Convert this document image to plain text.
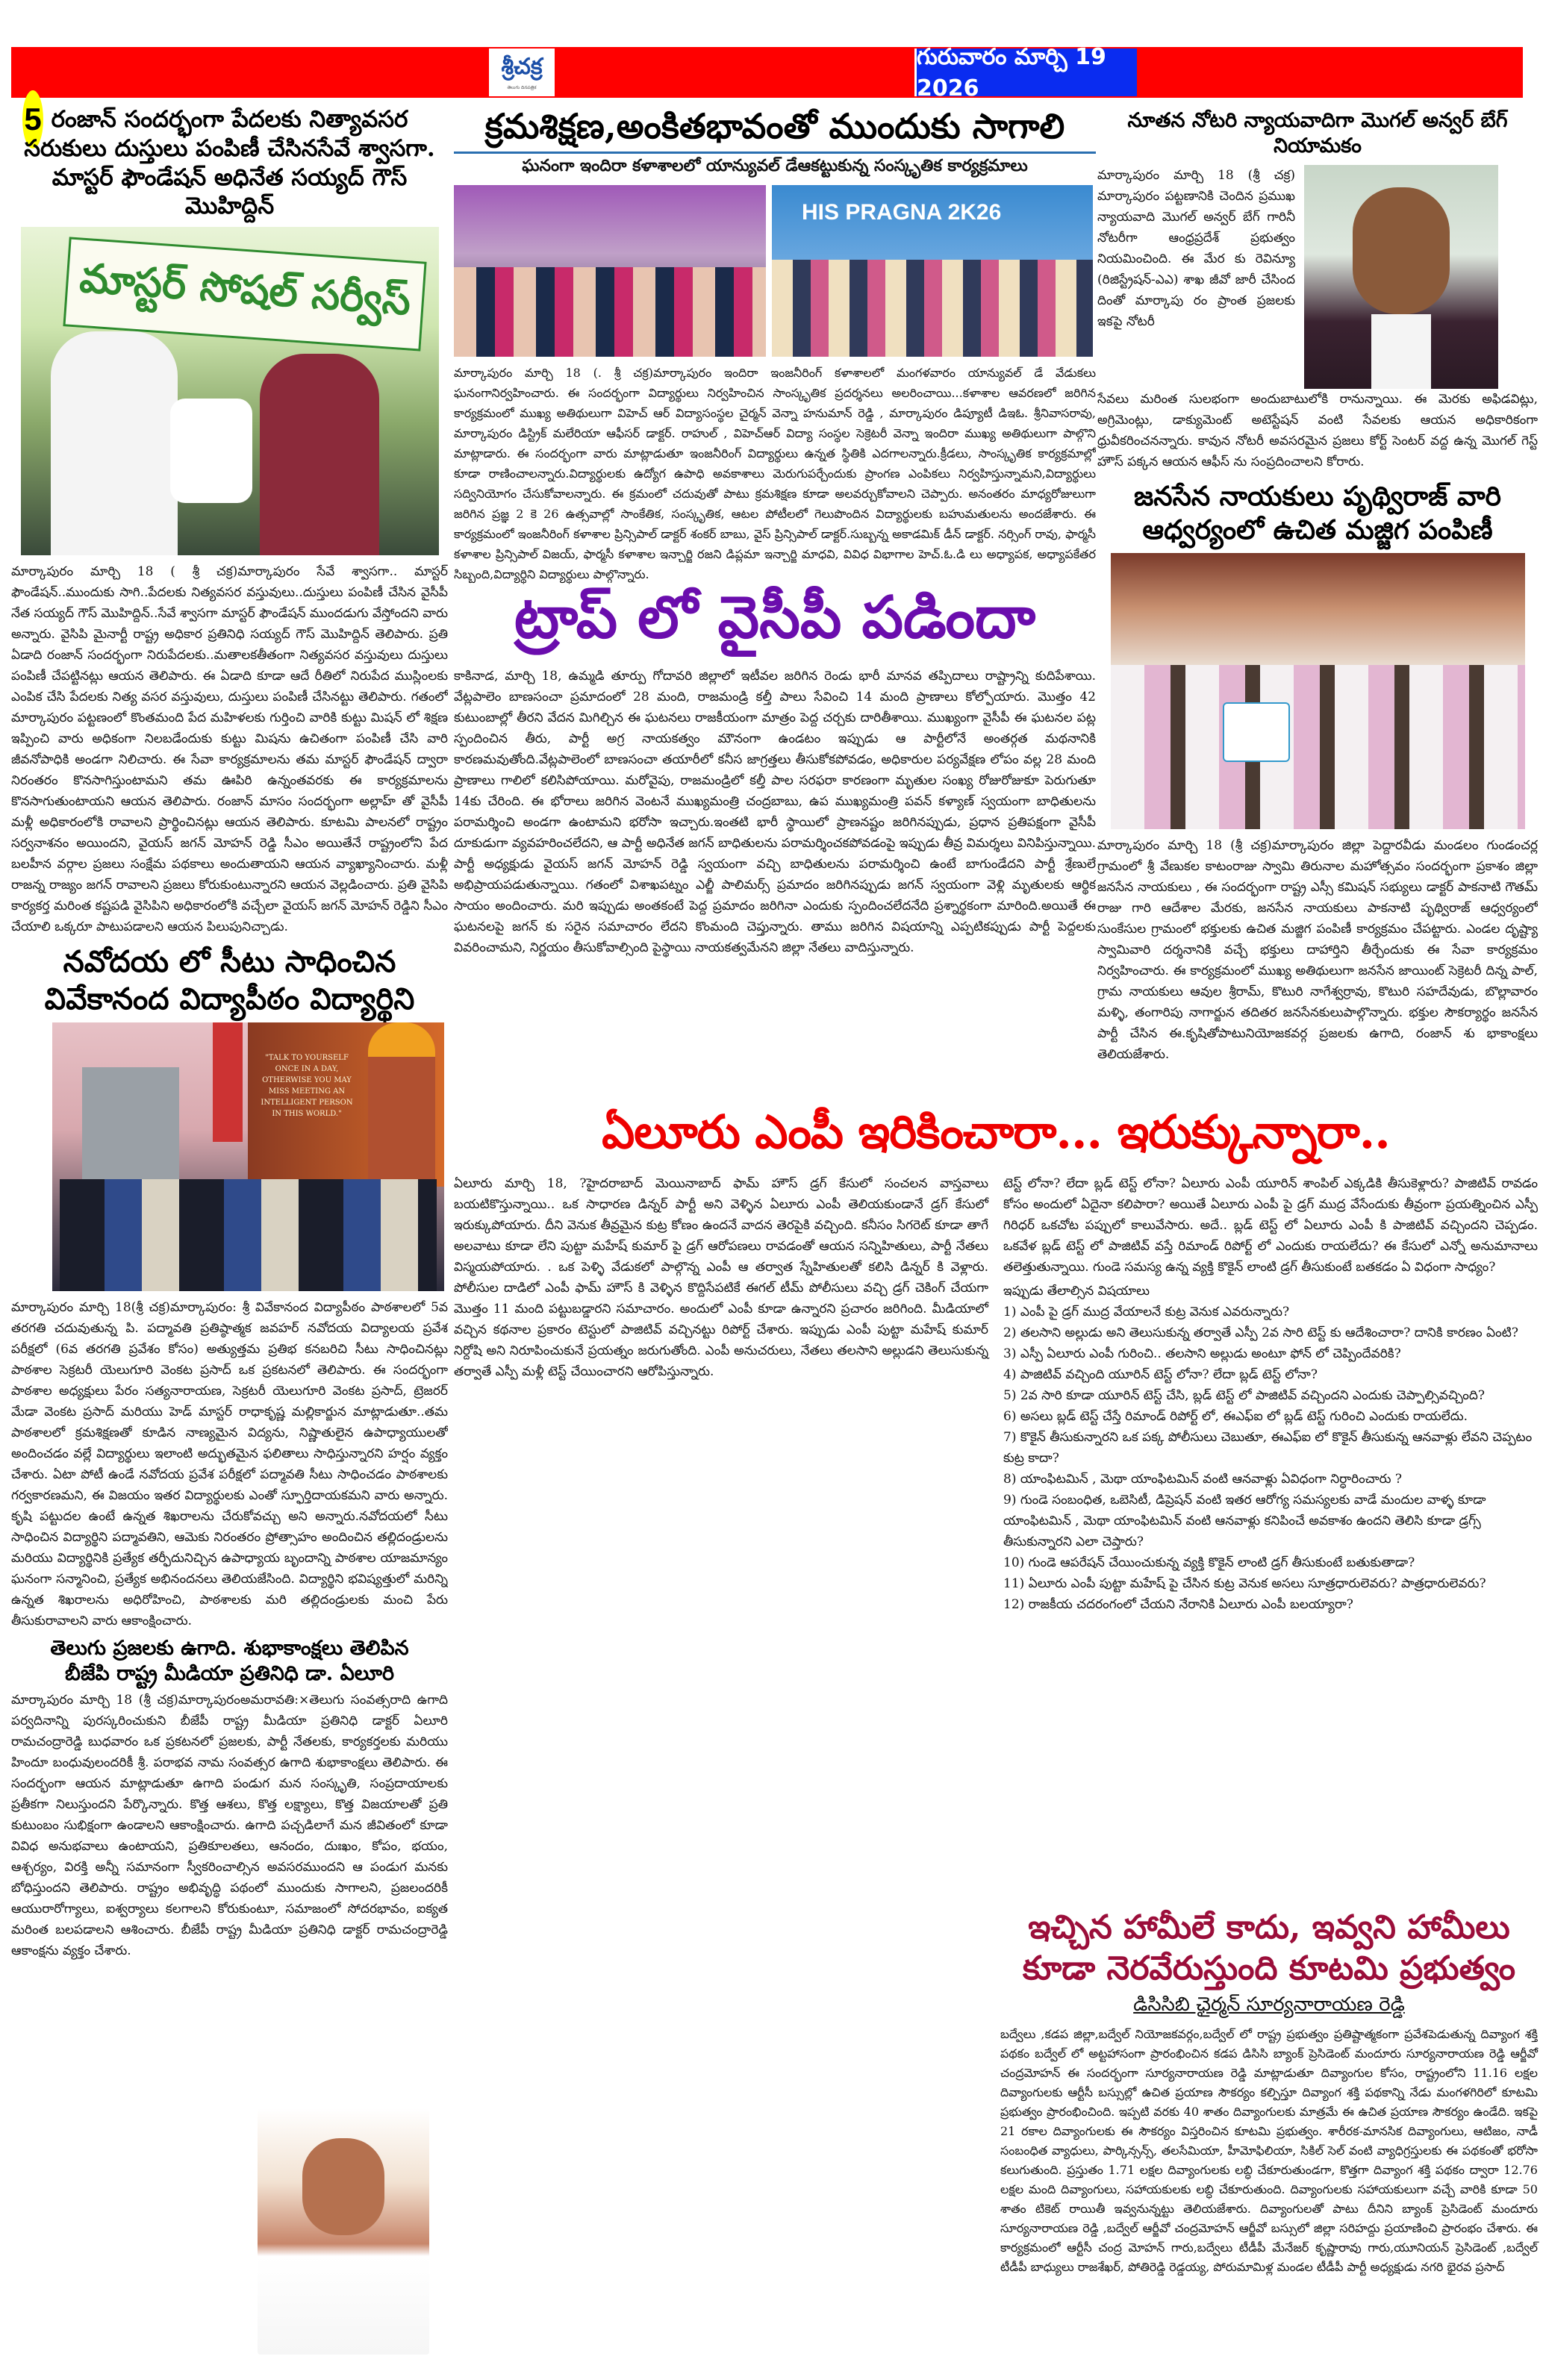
5
శ్రీచక్ర
తెలుగు దినపత్రిక
గురువారం మార్చి 19 2026
రంజాన్ సందర్భంగా పేదలకు నిత్యావసర సరుకులు దుస్తులు పంపిణీ చేసినసేవే శ్వాసగా. మాస్టర్ ఫౌండేషన్ అధినేత సయ్యద్ గౌస్ మొహిద్దిన్
మాస్టర్ సోషల్ సర్వీస్

మార్కాపురం మార్చి 18 ( శ్రీ చక్ర)మార్కాపురం సేవే శ్వాసగా.. మాస్టర్ ఫౌండేషన్..ముందుకు సాగి..పేదలకు నిత్యవసర వస్తువులు..దుస్తులు పంపిణీ చేసిన వైసీపీ నేత సయ్యద్ గౌస్ మొహిద్దిన్..సేవే శ్వాసగా మాస్టర్ ఫౌండేషన్ ముందడుగు వేస్తోందని వారు అన్నారు. వైసిపి మైనార్టీ రాష్ట్ర అధికార ప్రతినిధి సయ్యద్ గౌస్ మొహిద్దిన్ తెలిపారు. ప్రతి ఏడాది రంజాన్ సందర్భంగా నిరుపేదలకు..మతాలకతీతంగా నిత్యవసర వస్తువులు దుస్తులు పంపిణీ చేపట్టినట్లు ఆయన తెలిపారు. ఈ ఏడాది కూడా ఆదే రీతిలో నిరుపేద ముస్లింలకు ఎంపిక చేసి పేదలకు నిత్య వసర వస్తువులు, దుస్తులు పంపిణీ చేసినట్టు తెలిపారు. గతంలో మార్కాపురం పట్టణంలో కొంతమంది పేద మహిళలకు గుర్తించి వారికి కుట్టు మిషన్ లో శిక్షణ ఇప్పించి వారు అధికంగా నిలబడేందుకు కుట్టు మిషను ఉచితంగా పంపిణీ చేసి వారి జీవనోపాధికి అండగా నిలిచారు. ఈ సేవా కార్యక్రమాలను తమ మాస్టర్ ఫౌండేషన్ ద్వారా నిరంతరం కొనసాగిస్తుంటామని తమ ఊపిరి ఉన్నంతవరకు ఈ కార్యక్రమాలను కొనసాగుతుంటాయని ఆయన తెలిపారు. రంజాన్ మాసం సందర్భంగా అల్లాహ్ తో వైసీపీ మళ్లీ అధికారంలోకి రావాలని ప్రార్థించినట్లు ఆయన తెలిపారు. కూటమి పాలనలో రాష్ట్రం సర్వనాశనం అయిందని, వైయస్ జగన్ మోహన్ రెడ్డి సీఎం అయితేనే రాష్ట్రంలోని పేద బలహీన వర్గాల ప్రజలు సంక్షేమ పథకాలు అందుతాయని ఆయన వ్యాఖ్యానించారు. మళ్లీ రాజన్న రాజ్యం జగన్ రావాలని ప్రజలు కోరుకుంటున్నారని ఆయన వెల్లడించారు. ప్రతి వైసిపి కార్యకర్త మరింత కష్టపడి వైసిపిని అధికారంలోకి వచ్చేలా వైయస్ జగన్ మోహన్ రెడ్డిని సీఎం చేయాలి ఒక్కరూ పాటుపడాలని ఆయన పిలుపునిచ్చాడు.

నవోదయ లో సీటు సాధించిన
వివేకానంద విద్యాపీఠం విద్యార్థిని
"TALK TO YOURSELF ONCE IN A DAY, OTHERWISE YOU MAY MISS MEETING AN INTELLIGENT PERSON IN THIS WORLD."

మార్కాపురం మార్చి 18(శ్రీ చక్ర)మార్కాపురం: శ్రీ వివేకానంద విద్యాపీఠం పాఠశాలలో 5వ తరగతి చదువుతున్న పి. పద్మావతి ప్రతిష్ఠాత్మక జవహర్ నవోదయ విద్యాలయ ప్రవేశ పరీక్షలో (6వ తరగతి ప్రవేశం కోసం) అత్యుత్తమ ప్రతిభ కనబరిచి సీటు సాధించినట్లు పాఠశాల సెక్రటరీ యెలుగూరి వెంకట ప్రసాద్ ఒక ప్రకటనలో తెలిపారు. ఈ సందర్భంగా పాఠశాల అధ్యక్షులు పేరం సత్యనారాయణ, సెక్రటరీ యెలుగూరి వెంకట ప్రసాద్, ట్రెజరర్ మేడా వెంకట ప్రసాద్ మరియు హెడ్ మాస్టర్ రాధాకృష్ణ మల్లికార్జున మాట్లాడుతూ..తమ పాఠశాలలో క్రమశిక్షణతో కూడిన నాణ్యమైన విద్యను, నిష్ణాతులైన ఉపాధ్యాయులతో అందించడం వల్లే విద్యార్థులు ఇలాంటి అద్భుతమైన ఫలితాలు సాధిస్తున్నారని హర్షం వ్యక్తం చేశారు. ఏటా పోటీ ఉండే నవోదయ ప్రవేశ పరీక్షలో పద్మావతి సీటు సాధించడం పాఠశాలకు గర్వకారణమని, ఈ విజయం ఇతర విద్యార్థులకు ఎంతో స్ఫూర్తిదాయకమని వారు అన్నారు. కృషి పట్టుదల ఉంటే ఉన్నత శిఖరాలను చేరుకోవచ్చు అని అన్నారు.నవోదయలో సీటు సాధించిన విద్యార్థిని పద్మావతిని, ఆమెకు నిరంతరం ప్రోత్సాహం అందించిన తల్లిదండ్రులను మరియు విద్యార్థినికి ప్రత్యేక తర్ఫీదునిచ్చిన ఉపాధ్యాయ బృందాన్ని పాఠశాల యాజమాన్యం ఘనంగా సన్మానించి, ప్రత్యేక అభినందనలు తెలియజేసింది. విద్యార్థిని భవిష్యత్తులో మరిన్ని ఉన్నత శిఖరాలను అధిరోహించి, పాఠశాలకు మరి తల్లిదండ్రులకు మంచి పేరు తీసుకురావాలని వారు ఆకాంక్షించారు.

తెలుగు ప్రజలకు ఉగాది. శుభాకాంక్షలు తెలిపిన
బీజేపి రాష్ట్ర మీడియా ప్రతినిధి డా. ఏలూరి

మార్కాపురం మార్చి 18 (శ్రీ చక్ర)మార్కాపురంఅమరావతి:×తెలుగు సంవత్సరాది ఉగాది పర్వదినాన్ని పురస్కరించుకుని బీజేపీ రాష్ట్ర మీడియా ప్రతినిధి డాక్టర్ ఏలూరి రామచంద్రారెడ్డి బుధవారం ఒక ప్రకటనలో ప్రజలకు, పార్టీ నేతలకు, కార్యకర్తలకు మరియు హిందూ బంధువులందరికీ శ్రీ. పరాభవ నామ సంవత్సర ఉగాది శుభాకాంక్షలు తెలిపారు. ఈ సందర్భంగా ఆయన మాట్లాడుతూ ఉగాది పండుగ మన సంస్కృతి, సంప్రదాయాలకు ప్రతీకగా నిలుస్తుందని పేర్కొన్నారు. కొత్త ఆశలు, కొత్త లక్ష్యాలు, కొత్త విజయాలతో ప్రతి కుటుంబం సుభిక్షంగా ఉండాలని ఆకాంక్షించారు. ఉగాది పచ్చడిలాగే మన జీవితంలో కూడా వివిధ అనుభవాలు ఉంటాయని, ప్రతికూలతలు, ఆనందం, దుఃఖం, కోపం, భయం, ఆశ్చర్యం, విరక్తి అన్నీ సమానంగా స్వీకరించాల్సిన అవసరముందని ఆ పండుగ మనకు బోధిస్తుందని తెలిపారు. రాష్ట్రం అభివృద్ధి పథంలో ముందుకు సాగాలని, ప్రజలందరికీ ఆయురారోగ్యాలు, ఐశ్వర్యాలు కలగాలని కోరుకుంటూ, సమాజంలో సోదరభావం, ఐక్యత మరింత బలపడాలని ఆశించారు. బీజేపీ రాష్ట్ర మీడియా ప్రతినిధి డాక్టర్ రామచంద్రారెడ్డి ఆకాంక్షను వ్యక్తం చేశారు.

క్రమశిక్షణ,అంకితభావంతో ముందుకు సాగాలి
ఘనంగా ఇందిరా కళాశాలలో యాన్యువల్ డేఆకట్టుకున్న సంస్కృతిక కార్యక్రమాలు
HIS PRAGNA 2K26

మార్కాపురం మార్చి 18 (. శ్రీ చక్ర)మార్కాపురం ఇందిరా ఇంజనీరింగ్ కళాశాలలో మంగళవారం యాన్యువల్ డే వేడుకలు ఘనంగానిర్వహించారు. ఈ సందర్భంగా విద్యార్థులు నిర్వహించిన సాంస్కృతిక ప్రదర్శనలు అలరించాయి...కళాశాల ఆవరణలో జరిగిన కార్యక్రమంలో ముఖ్య అతిథులుగా విహెచ్ ఆర్ విద్యాసంస్థల చైర్మన్ వెన్నా హనుమాన్ రెడ్డి , మార్కాపురం డిప్యూటీ డిఇఓ. శ్రీనివాసరావు, మార్కాపురం డిస్ట్రిక్ మలేరియా ఆఫీసర్ డాక్టర్. రాహుల్ , విహెచ్ఆర్ విద్యా సంస్థల సెక్రెటరీ వెన్నా ఇందిరా ముఖ్య అతిథులుగా పాల్గొని మాట్లాడారు. ఈ సందర్భంగా వారు మాట్లాడుతూ ఇంజనీరింగ్ విద్యార్థులు ఉన్నత స్థితికి ఎదగాలన్నారు.క్రీడలు, సాంస్కృతిక కార్యక్రమాల్లో కూడా రాణించాలన్నారు.విద్యార్థులకు ఉద్యోగ ఉపాధి అవకాశాలు మెరుగుపర్చేందుకు ప్రాంగణ ఎంపికలు నిర్వహిస్తున్నామని,విద్యార్థులు సద్వినియోగం చేసుకోవాలన్నారు. ఈ క్రమంలో చదువుతో పాటు క్రమశిక్షణ కూడా అలవర్చుకోవాలని చెప్పారు. అనంతరం మాధ్యరోజులుగా జరిగిన ప్రజ్ఞ 2 కె 26 ఉత్సవాల్లో సాంకేతిక, సంస్కృతిక, ఆటల పోటీలలో గెలుపొందిన విద్యార్థులకు బహుమతులను అందజేశారు. ఈ కార్యక్రమంలో ఇంజనీరింగ్ కళాశాల ప్రిన్సిపాల్ డాక్టర్ శంకర్ బాబు, వైస్ ప్రిన్సిపాల్ డాక్టర్.సుబ్బన్న అకాడమిక్ డీన్ డాక్టర్. నర్సింగ్ రావు, ఫార్మసీ కళాశాల ప్రిన్సిపాల్ విజయ్, ఫార్మసీ కళాశాల ఇన్చార్జి రజని డిప్లమా ఇన్చార్జి మాధవి, వివిధ విభాగాల హెచ్.ఓ.డి లు అధ్యాపక, అధ్యాపకేతర సిబ్బంది,విద్యార్థిని విద్యార్థులు పాల్గొన్నారు.

ట్రాప్ లో వైసీపీ పడిందా

కాకినాడ, మార్చి 18, ఉమ్మడి తూర్పు గోదావరి జిల్లాలో ఇటీవల జరిగిన రెండు భారీ మానవ తప్పిదాలు రాష్ట్రాన్ని కుదిపేశాయి. వేట్లపాలెం బాణసంచా ప్రమాదంలో 28 మంది, రాజమండ్రి కల్తీ పాలు సేవించి 14 మంది ప్రాణాలు కోల్పోయారు. మొత్తం 42 కుటుంబాల్లో తీరని వేదన మిగిల్చిన ఈ ఘటనలు రాజకీయంగా మాత్రం పెద్ద చర్చకు దారితీశాయి. ముఖ్యంగా వైసీపీ ఈ ఘటనల పట్ల స్పందించిన తీరు, పార్టీ అగ్ర నాయకత్వం మౌనంగా ఉండటం ఇప్పుడు ఆ పార్టీలోనే అంతర్గత మథనానికి కారణమవుతోంది.వేట్లపాలెంలో బాణసంచా తయారీలో కనీస జాగ్రత్తలు తీసుకోకపోవడం, అధికారుల పర్యవేక్షణ లోపం వల్ల 28 మంది ప్రాణాలు గాలిలో కలిసిపోయాయి. మరోవైపు, రాజమండ్రిలో కల్తీ పాల సరఫరా కారణంగా మృతుల సంఖ్య రోజురోజుకూ పెరుగుతూ 14కు చేరింది. ఈ భోరాలు జరిగిన వెంటనే ముఖ్యమంత్రి చంద్రబాబు, ఉప ముఖ్యమంత్రి పవన్ కళ్యాణ్ స్వయంగా బాధితులను పరామర్శించి అండగా ఉంటామని భరోసా ఇచ్చారు.ఇంతటి భారీ స్థాయిలో ప్రాణనష్టం జరిగినప్పుడు, ప్రధాన ప్రతిపక్షంగా వైసీపీ దూకుడుగా వ్యవహరించలేదని, ఆ పార్టీ అధినేత జగన్ బాధితులను పరామర్శించకపోవడంపై ఇప్పుడు తీవ్ర విమర్శలు వినిపిస్తున్నాయి. పార్టీ అధ్యక్షుడు వైయస్ జగన్ మోహన్ రెడ్డి స్వయంగా వచ్చి బాధితులను పరామర్శించి ఉంటే బాగుండేదని పార్టీ శ్రేణులే అభిప్రాయపడుతున్నాయి. గతంలో విశాఖపట్నం ఎల్జీ పాలిమర్స్ ప్రమాదం జరిగినప్పుడు జగన్ స్వయంగా వెళ్లి మృతులకు ఆర్థిక సాయం అందించారు. మరి ఇప్పుడు అంతకంటే పెద్ద ప్రమాదం జరిగినా ఎందుకు స్పందించలేదనేది ప్రశ్నార్థకంగా మారింది.అయితే ఈ ఘటనలపై జగన్ కు సరైన సమాచారం లేదని కొంమంది చెప్తున్నారు. తాము జరిగిన విషయాన్ని ఎప్పటికప్పుడు పార్టీ పెద్దలకు వివరించామని, నిర్ణయం తీసుకోవాల్సింది పైస్థాయి నాయకత్వమేనని జిల్లా నేతలు వాదిస్తున్నారు.

నూతన నోటరి న్యాయవాదిగా మొగల్ అన్వర్ బేగ్ నియామకం

మార్కాపురం మార్చి 18 (శ్రీ చక్ర) మార్కాపురం పట్టణానికి చెందిన ప్రముఖ న్యాయవాది మొగల్ అన్వర్ బేగ్ గారినీ నోటరీగా ఆంధ్రప్రదేశ్ ప్రభుత్వం నియమించింది. ఈ మేర కు రెవిన్యూ (రిజిస్ట్రేషన్-ఎఎ) శాఖ జీవో జారీ చేసింద దింతో మార్కాపు రం ప్రాంత ప్రజలకు ఇకపై నోటరీ

సేవలు మరింత సులభంగా అందుబాటులోకి రానున్నాయి. ఈ మెరకు అఫిడవిట్లు, అగ్రిమెంట్లు, డాక్యుమెంట్ అటెస్టేషన్ వంటి సేవలకు ఆయన అధికారికంగా ధ్రువీకరించనన్నారు. కావున నోటరీ అవసరమైన ప్రజలు కోర్ట్ సెంటర్ వద్ద ఉన్న మొగల్ గెస్ట్ హౌస్ పక్కన ఆయన ఆఫీస్ ను సంప్రదించాలని కోరారు.

జనసేన నాయకులు పృథ్విరాజ్ వారి
ఆధ్వర్యంలో ఉచిత మజ్జిగ పంపిణీ

మార్కాపురం మార్చి 18 (శ్రీ చక్ర)మార్కాపురం జిల్లా పెద్దారవీడు మండలం గుండంచర్ల గ్రామంలో శ్రీ వేణుకల కాటంరాజు స్వామి తిరునాల మహోత్సవం సందర్భంగా ప్రకాశం జిల్లా జనసేన నాయకులు , ఈ సందర్భంగా రాష్ట్ర ఎస్సీ కమిషన్ సభ్యులు డాక్టర్ పాకనాటి గౌతమ్ రాజు గారి ఆదేశాల మేరకు, జనసేన నాయకులు పాకనాటి పృథ్విరాజ్ ఆధ్వర్యంలో సుంకేసుల గ్రామంలో భక్తులకు ఉచిత మజ్జిగ పంపిణీ కార్యక్రమం చేపట్టారు. ఎండల దృష్ట్యా స్వామివారి దర్శనానికి వచ్చే భక్తులు దాహార్తిని తీర్చేందుకు ఈ సేవా కార్యక్రమం నిర్వహించారు. ఈ కార్యక్రమంలో ముఖ్య అతిథులుగా జనసేన జాయింట్ సెక్రెటరీ దిన్న పాల్, గ్రామ నాయకులు ఆవుల శ్రీరామ్, కొటురి నాగేశ్వర్రావు, కొటురి సహదేవుడు, బొల్లావారం మళ్ళి, తంగారిపు నాగార్జున తదితర జనసేనకులుపాల్గొన్నారు. భక్తుల సౌకర్యార్థం జనసేన పార్టీ చేసిన ఈ.కృషితోపాటునియోజకవర్గ ప్రజలకు ఉగాది, రంజాన్ శు భాకాంక్షలు తెలియజేశారు.

ఏలూరు ఎంపీ ఇరికించారా... ఇరుక్కున్నారా..

ఏలూరు మార్చి 18, ?హైదరాబాద్ మెయినాబాద్ ఫామ్ హౌస్ డ్రగ్ కేసులో సంచలన వాస్తవాలు బయటికొస్తున్నాయి.. ఒక సాధారణ డిన్నర్ పార్టీ అని వెళ్ళిన ఏలూరు ఎంపీ తెలియకుండానే డ్రగ్ కేసులో ఇరుక్కుపోయారు. దీని వెనుక తీవ్రమైన కుట్ర కోణం ఉందనే వాదన తెరపైకి వచ్చింది. కనీసం సిగరెట్ కూడా తాగే అలవాటు కూడా లేని పుట్టా మహేష్ కుమార్ పై డ్రగ్ ఆరోపణలు రావడంతో ఆయన సన్నిహితులు, పార్టీ నేతలు విస్మయపోయారు. . ఒక పెళ్ళి వేడుకలో పాల్గొన్న ఎంపీ ఆ తర్వాత స్నేహితులతో కలిసి డిన్నర్ కి వెళ్లారు. పోలీసుల దాడిలో ఎంపీ ఫామ్ హౌస్ కి వెళ్ళిన కొద్దిసేపటికే ఈగల్ టీమ్ పోలీసులు వచ్చి డ్రగ్ చెకింగ్ చేయగా మొత్తం 11 మంది పట్టుబడ్డారని సమాచారం. అందులో ఎంపీ కూడా ఉన్నారని ప్రచారం జరిగింది. మీడియాలో వచ్చిన కథనాల ప్రకారం టెస్టులో పాజిటివ్ వచ్చినట్టు రిపోర్ట్ చేశారు. ఇప్పుడు ఎంపీ పుట్టా మహేష్ కుమార్ నిర్దోషి అని నిరూపించుకునే ప్రయత్నం జరుగుతోంది. ఎంపీ అనుచరులు, నేతలు తలసాని అల్లుడని తెలుసుకున్న తర్వాతే ఎస్పీ మళ్లీ టెస్ట్ చేయించారని ఆరోపిస్తున్నారు.

టెస్ట్ లోనా? లేదా బ్లడ్ టెస్ట్ లోనా? ఏలూరు ఎంపీ యూరిన్ శాంపిల్ ఎక్కడికి తీసుకెళ్లారు? పాజిటివ్ రావడం కోసం అందులో ఏదైనా కలిపారా? అయితే ఏలూరు ఎంపీ పై డ్రగ్ ముద్ర వేసేందుకు తీవ్రంగా ప్రయత్నించిన ఎస్పీ గిరిధర్ ఒకచోట పప్పులో కాలువేసారు. అదే.. బ్లడ్ టెస్ట్ లో ఏలూరు ఎంపీ కి పాజిటివ్ వచ్చిందని చెప్పడం. ఒకవేళ బ్లడ్ టెస్ట్ లో పాజిటివ్ వస్తే రిమాండ్ రిపోర్ట్ లో ఎందుకు రాయలేదు? ఈ కేసులో ఎన్నో అనుమానాలు తలెత్తుతున్నాయి. గుండె సమస్య ఉన్న వ్యక్తి కొకైన్ లాంటి డ్రగ్ తీసుకుంటే బతకడం ఏ విధంగా సాధ్యం?

ఇప్పుడు తేలాల్సిన విషయాలు
1) ఎంపీ పై డ్రగ్ ముద్ర వేయాలనే కుట్ర వెనుక ఎవరున్నారు?
2) తలసాని అల్లుడు అని తెలుసుకున్న తర్వాతే ఎస్పీ 2వ సారి టెస్ట్ కు ఆదేశించారా? దానికి కారణం ఏంటి?
3) ఎస్పీ ఏలూరు ఎంపీ గురించి.. తలసాని అల్లుడు అంటూ ఫోన్ లో చెప్పిందేవరికి?
4) పాజిటివ్ వచ్చింది యూరిన్ టెస్ట్ లోనా? లేదా బ్లడ్ టెస్ట్ లోనా?
5) 2వ సారి కూడా యూరిన్ టెస్ట్ చేసి, బ్లడ్ టెస్ట్ లో పాజిటివ్ వచ్చిందని ఎందుకు చెప్పాల్సివచ్చింది?
6) అసలు బ్లడ్ టెస్ట్ చేస్తే రిమాండ్ రిపోర్ట్ లో, ఈఎఫ్ఐ లో బ్లడ్ టెస్ట్ గురించి ఎందుకు రాయలేదు.
7) కొకైన్ తీసుకున్నారని ఒక పక్క పోలీసులు చెబుతూ, ఈఎఫ్ఐ లో కొకైన్ తీసుకున్న ఆనవాళ్లు లేవని చెప్పటం కుట్ర కాదా?
8) యాంఫిటమిన్ , మెథా యాంఫిటమిన్ వంటి ఆనవాళ్లు ఏవిధంగా నిర్ధారించారు ?
9) గుండె సంబంధిత, ఒబెసిటీ, డిప్రెషన్ వంటి ఇతర ఆరోగ్య సమస్యలకు వాడే మందుల వాళ్ళ కూడా యాంఫిటమిన్ , మెథా యాంఫిటమిన్ వంటి ఆనవాళ్లు కనిపించే అవకాశం ఉందని తెలిసి కూడా డ్రగ్స్ తీసుకున్నారని ఎలా చెప్తారు?
10) గుండె ఆపరేషన్ చేయించుకున్న వ్యక్తి కొకైన్ లాంటి డ్రగ్ తీసుకుంటే బతుకుతాడా?
11) ఏలూరు ఎంపీ పుట్టా మహేష్ పై చేసిన కుట్ర వెనుక అసలు సూత్రధారులెవరు? పాత్రధారులెవరు?
12) రాజకీయ చదరంగంలో చేయని నేరానికి ఏలూరు ఎంపీ బలయ్యారా?
ఇచ్చిన హామీలే కాదు, ఇవ్వని హామీలు
కూడా నెరవేరుస్తుంది కూటమి ప్రభుత్వం
డిసిసిబి ఛైర్మన్ సూర్యనారాయణ రెడ్డి

బద్వేలు ,కడప జిల్లా,బద్వేల్ నియోజకవర్గం,బద్వేల్ లో రాష్ట్ర ప్రభుత్వం ప్రతిష్టాత్మకంగా ప్రవేశపెడుతున్న దివ్యాంగ శక్తి పథకం బద్వేల్ లో అట్టహాసంగా ప్రారంభించిన కడప డిసిసి బ్యాంక్ ప్రెసిడెంట్ మందూరు సూర్యనారాయణ రెడ్డి ఆర్జీవో చంద్రమోహన్ ఈ సందర్భంగా సూర్యనారాయణ రెడ్డి మాట్లాడుతూ దివ్యాంగుల కోసం, రాష్ట్రంలోని 11.16 లక్షల దివ్యాంగులకు ఆర్టీసీ బస్సుల్లో ఉచిత ప్రయాణ సౌకర్యం కల్పిస్తూ దివ్యాంగ శక్తి పథకాన్ని నేడు మంగళగిరిలో కూటమి ప్రభుత్వం ప్రారంభించింది. ఇప్పటి వరకు 40 శాతం దివ్యాంగులకు మాత్రమే ఈ ఉచిత ప్రయాణ సౌకర్యం ఉండేది. ఇకపై 21 రకాల దివ్యాంగులకు ఈ సౌకర్యం విస్తరించిన కూటమి ప్రభుత్వం. శారీరక-మానసిక దివ్యాంగులు, ఆటిజం, నాడీ సంబంధిత వ్యాధులు, పార్కిన్సన్స్, తలసేమియా, హీమోఫిలియా, సికిల్ సెల్ వంటి వ్యాధిగ్రస్తులకు ఈ పథకంతో భరోసా కలుగుతుంది. ప్రస్తుతం 1.71 లక్షల దివ్యాంగులకు లబ్ధి చేకూరుతుండగా, కొత్తగా దివ్యాంగ శక్తి పథకం ద్వారా 12.76 లక్షల మంది దివ్యాంగులు, సహాయకులకు లబ్ధి చేకూరుతుంది. దివ్యాంగులకు సహాయకులుగా వచ్చే వారికి కూడా 50 శాతం టికెట్ రాయితీ ఇవ్వనున్నట్టు తెలియజేశారు. దివ్యాంగులతో పాటు దీనిని బ్యాంక్ ప్రెసిడెంట్ మందూరు సూర్యనారాయణ రెడ్డి ,బద్వేల్ ఆర్జీవో చంద్రమోహన్ ఆర్జీవో బస్సులో జిల్లా సరిహద్దు ప్రయాణించి ప్రారంభం చేశారు. ఈ కార్యక్రమంలో ఆర్టీసీ చంద్ర మోహన్ గారు,బద్వేలు టీడీపీ మేనేజర్ కృష్ణారావు గారు,యూనియన్ ప్రెసిడెంట్ ,బద్వేల్ టీడీపీ బాధ్యులు రాజశేఖర్, పోతిరెడ్డి రెడ్డయ్య, పోరుమామిళ్ల మండల టీడీపీ పార్టీ అధ్యక్షుడు నగరి భైరవ ప్రసాద్
